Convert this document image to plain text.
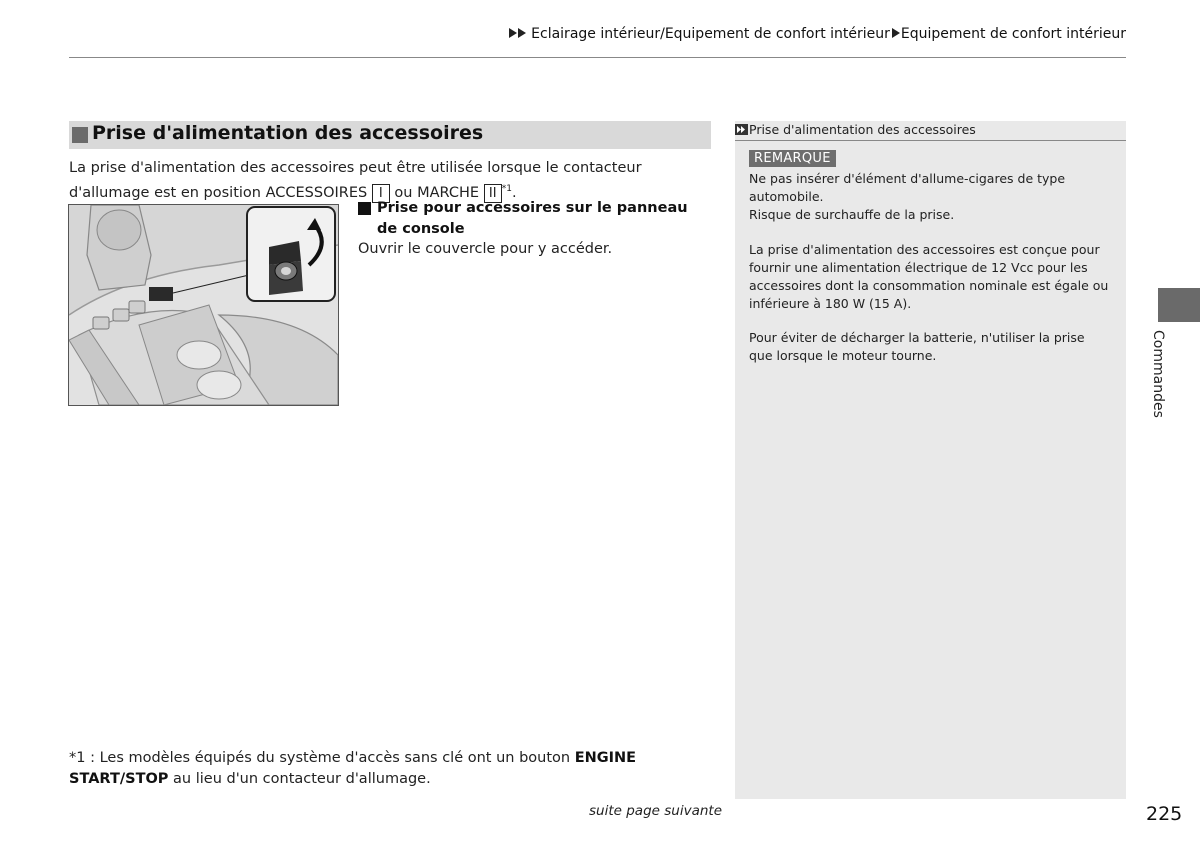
Eclairage intérieur/Equipement de confort intérieur Equipement de confort intérieur
Prise d'alimentation des accessoires
La prise d'alimentation des accessoires peut être utilisée lorsque le contacteur d'allumage est en position ACCESSOIRES I ou MARCHE II $^{*1}$.
Prise pour accessoires sur le panneau de console
Ouvrir le couvercle pour y accéder.
Prise d'alimentation des accessoires
REMARQUE
Ne pas insérer d'élément d'allume-cigares de type automobile.
Risque de surchauffe de la prise.
La prise d'alimentation des accessoires est conçue pour fournir une alimentation électrique de 12 Vcc pour les accessoires dont la consommation nominale est égale ou inférieure à 180 W (15 A).
Pour éviter de décharger la batterie, n'utiliser la prise que lorsque le moteur tourne.	Commandes
*1 : Les modèles équipés du système d'accès sans clé ont un bouton ENGINE START/STOP au lieu d'un contacteur d'allumage.
suite page suivante	225
